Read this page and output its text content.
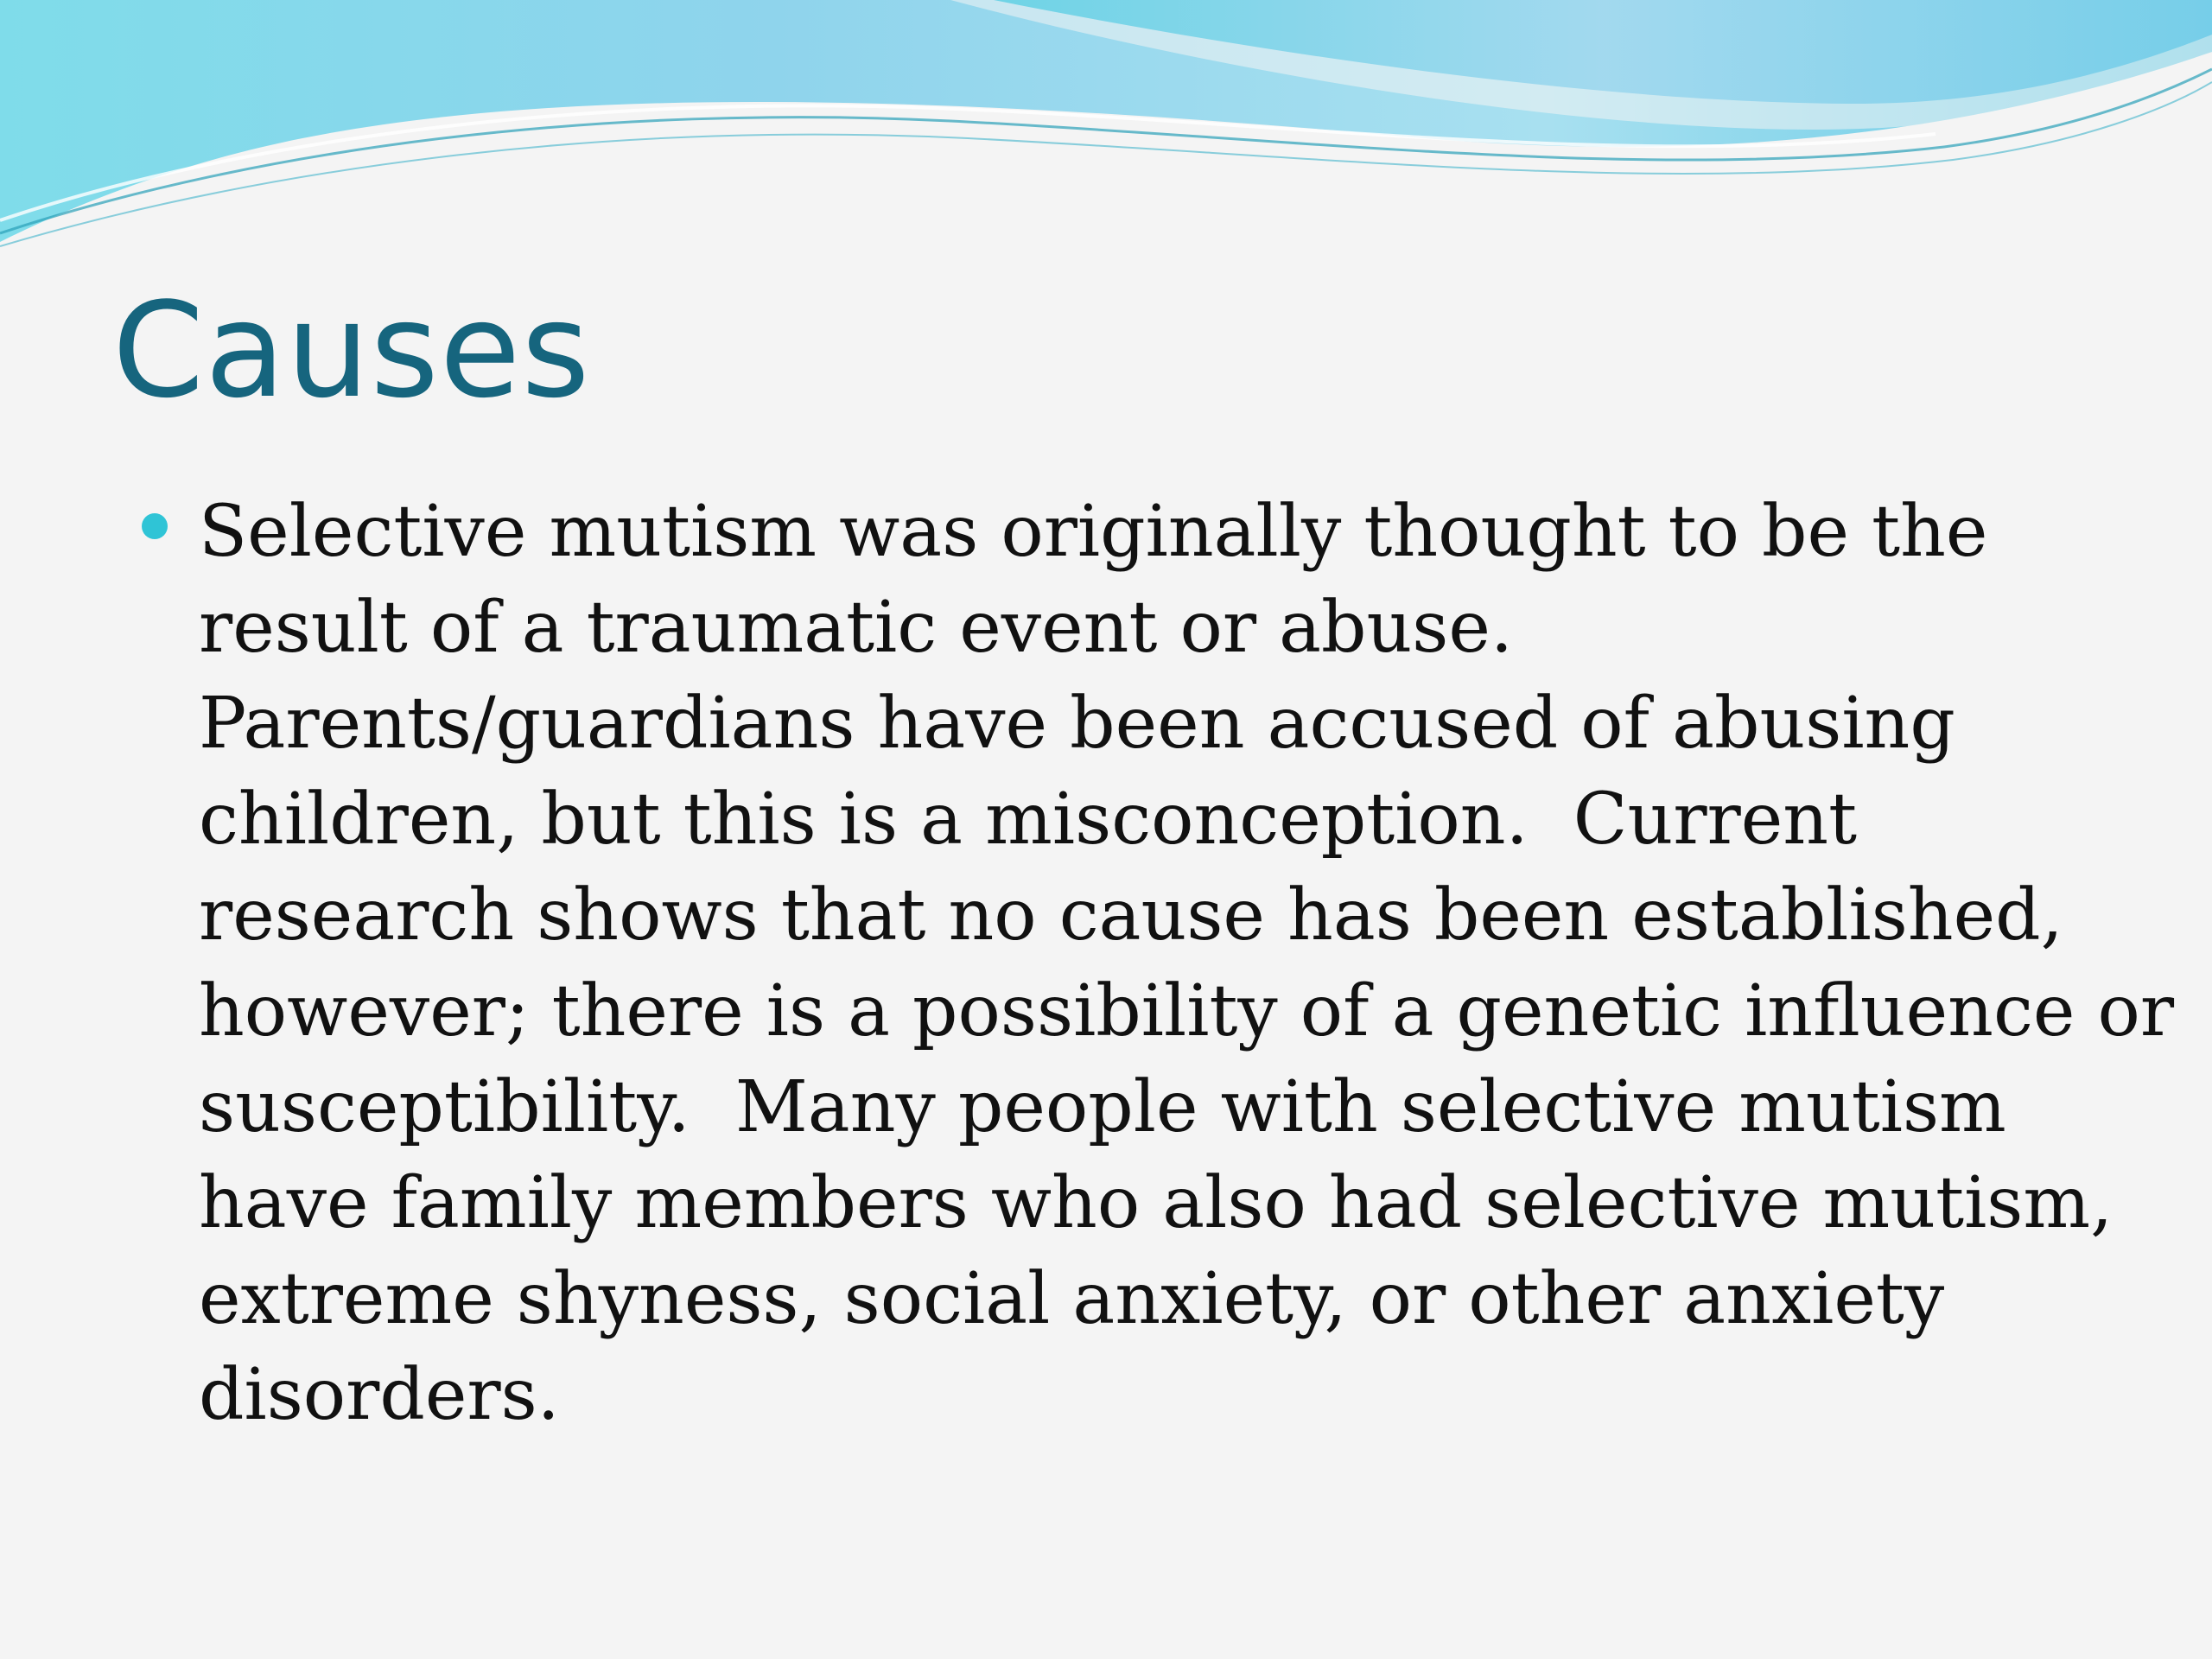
Causes
Selective mutism was originally thought to be the
result of a traumatic event or abuse.
Parents/guardians have been accused of abusing
children, but this is a misconception.  Current
research shows that no cause has been established,
however; there is a possibility of a genetic influence or
susceptibility.  Many people with selective mutism
have family members who also had selective mutism,
extreme shyness, social anxiety, or other anxiety
disorders.
